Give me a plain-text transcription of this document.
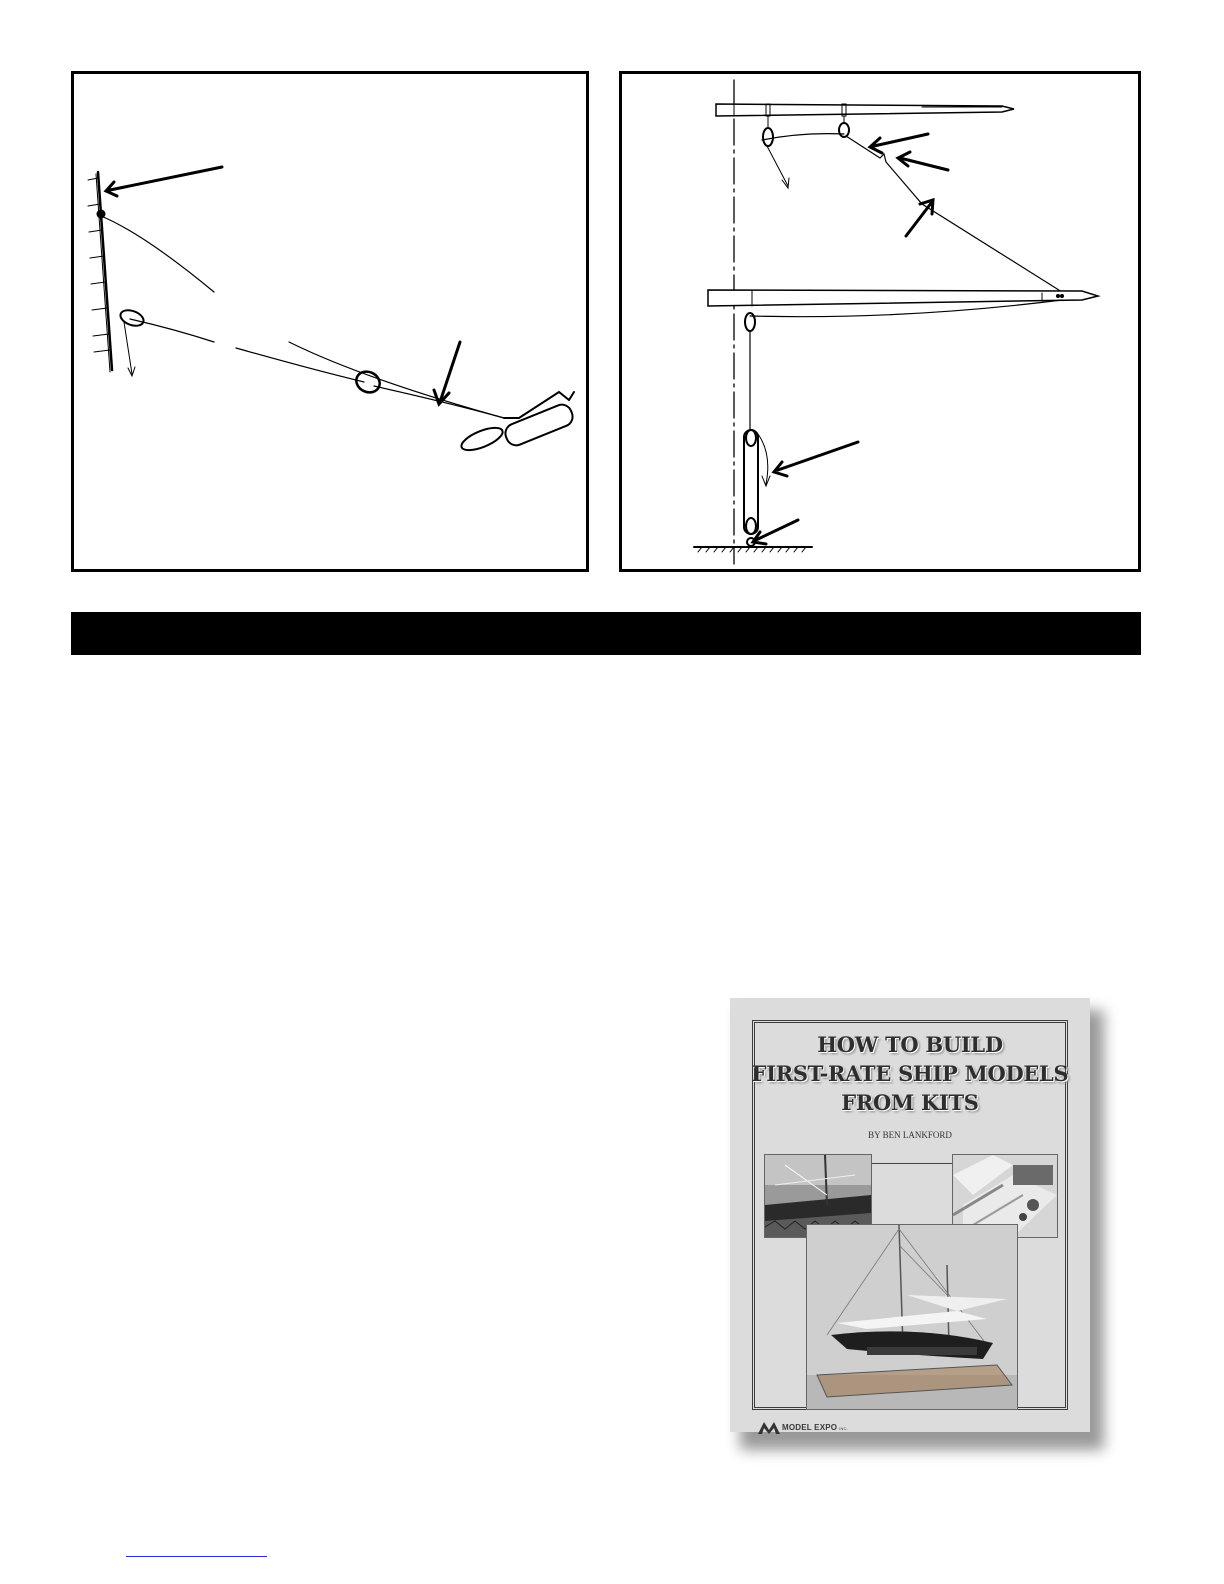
HOW TO BUILD
FIRST-RATE SHIP MODELS
FROM KITS
BY BEN LANKFORD
MODEL EXPO INC.
